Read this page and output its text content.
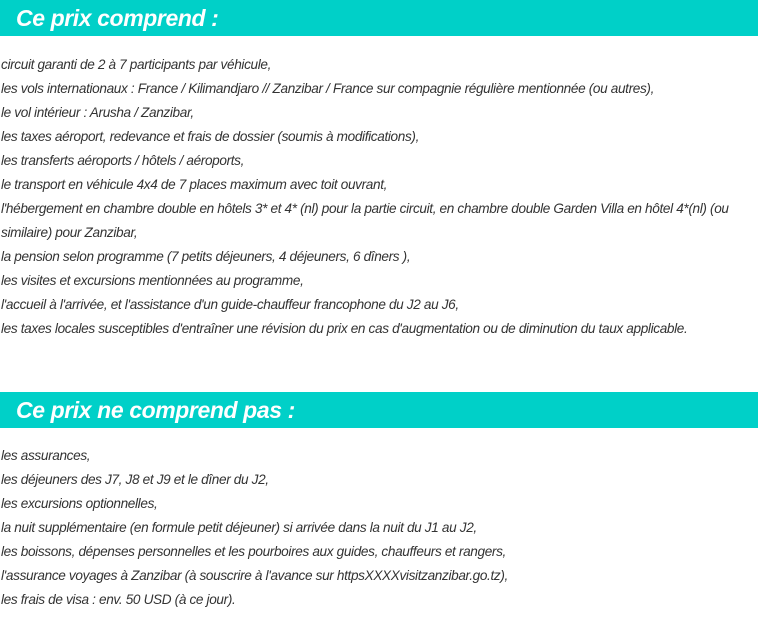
Ce prix comprend :
circuit garanti de 2 à 7 participants par véhicule,
les vols internationaux : France / Kilimandjaro // Zanzibar / France sur compagnie régulière mentionnée (ou autres),
le vol intérieur : Arusha / Zanzibar,
les taxes aéroport, redevance et frais de dossier (soumis à modifications),
les transferts aéroports / hôtels / aéroports,
le transport en véhicule 4x4 de 7 places maximum avec toit ouvrant,
l'hébergement en chambre double en hôtels 3* et 4* (nl) pour la partie circuit, en chambre double Garden Villa en hôtel 4*(nl) (ou similaire) pour Zanzibar,
la pension selon programme (7 petits déjeuners, 4 déjeuners, 6 dîners ),
les visites et excursions mentionnées au programme,
l'accueil à l'arrivée, et l'assistance d'un guide-chauffeur francophone du J2 au J6,
les taxes locales susceptibles d'entraîner une révision du prix en cas d'augmentation ou de diminution du taux applicable.
Ce prix ne comprend pas :
les assurances,
les déjeuners des J7, J8 et J9 et le dîner du J2,
les excursions optionnelles,
la nuit supplémentaire (en formule petit déjeuner) si arrivée dans la nuit du J1 au J2,
les boissons, dépenses personnelles et les pourboires aux guides, chauffeurs et rangers,
l'assurance voyages à Zanzibar (à souscrire à l'avance sur httpsXXXXvisitzanzibar.go.tz),
les frais de visa : env. 50 USD (à ce jour).
